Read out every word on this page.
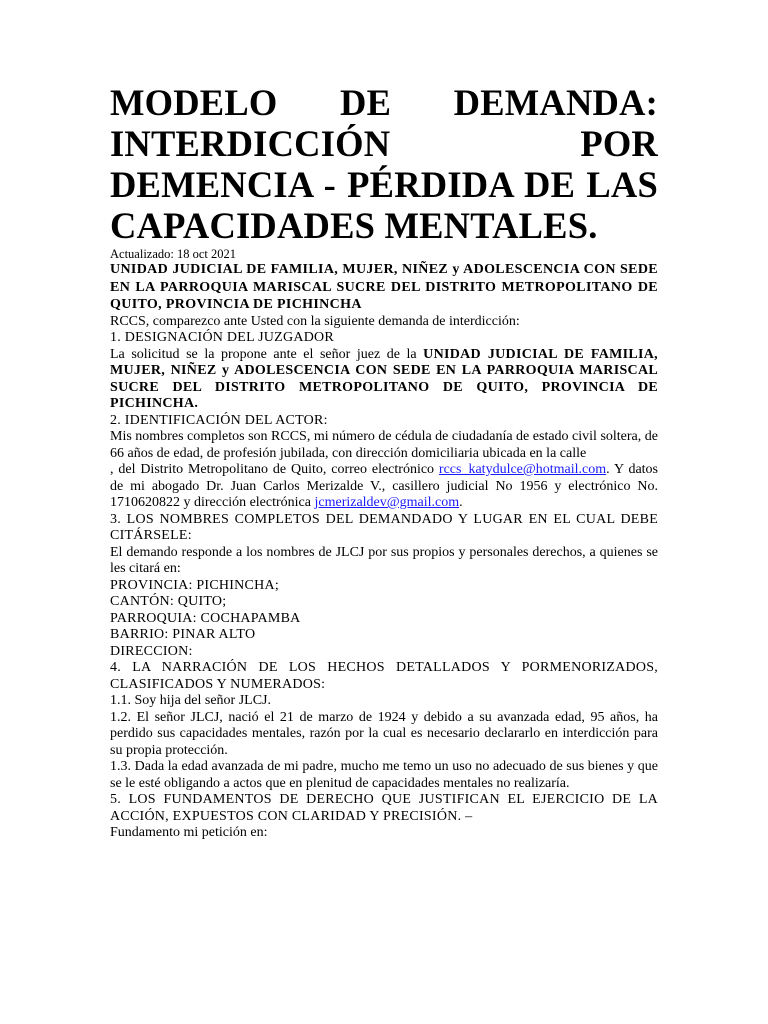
MODELO DE DEMANDA: INTERDICCIÓN POR DEMENCIA - PÉRDIDA DE LAS CAPACIDADES MENTALES.

Actualizado: 18 oct 2021

UNIDAD JUDICIAL DE FAMILIA, MUJER, NIÑEZ y ADOLESCENCIA CON SEDE EN LA PARROQUIA MARISCAL SUCRE DEL DISTRITO METROPOLITANO DE QUITO, PROVINCIA DE PICHINCHA

RCCS, comparezco ante Usted con la siguiente demanda de interdicción:

1. DESIGNACIÓN DEL JUZGADOR

La solicitud se la propone ante el señor juez de la UNIDAD JUDICIAL DE FAMILIA, MUJER, NIÑEZ y ADOLESCENCIA CON SEDE EN LA PARROQUIA MARISCAL SUCRE DEL DISTRITO METROPOLITANO DE QUITO, PROVINCIA DE PICHINCHA.

2. IDENTIFICACIÓN DEL ACTOR:

Mis nombres completos son RCCS, mi número de cédula de ciudadanía de estado civil soltera, de 66 años de edad, de profesión jubilada, con dirección domiciliaria ubicada en la calle

, del Distrito Metropolitano de Quito, correo electrónico rccs_katydulce@hotmail.com. Y datos de mi abogado Dr. Juan Carlos Merizalde V., casillero judicial No 1956 y electrónico No. 1710620822 y dirección electrónica jcmerizaldev@gmail.com.

3. LOS NOMBRES COMPLETOS DEL DEMANDADO Y LUGAR EN EL CUAL DEBE CITÁRSELE:

El demando responde a los nombres de JLCJ por sus propios y personales derechos, a quienes se les citará en:

PROVINCIA: PICHINCHA;

CANTÓN: QUITO;

PARROQUIA: COCHAPAMBA

BARRIO: PINAR ALTO

DIRECCION:

4. LA NARRACIÓN DE LOS HECHOS DETALLADOS Y PORMENORIZADOS, CLASIFICADOS Y NUMERADOS:

1.1. Soy hija del señor JLCJ.

1.2. El señor JLCJ, nació el 21 de marzo de 1924 y debido a su avanzada edad, 95 años, ha perdido sus capacidades mentales, razón por la cual es necesario declararlo en interdicción para su propia protección.

1.3. Dada la edad avanzada de mi padre, mucho me temo un uso no adecuado de sus bienes y que se le esté obligando a actos que en plenitud de capacidades mentales no realizaría.

5. LOS FUNDAMENTOS DE DERECHO QUE JUSTIFICAN EL EJERCICIO DE LA ACCIÓN, EXPUESTOS CON CLARIDAD Y PRECISIÓN. –

Fundamento mi petición en:
